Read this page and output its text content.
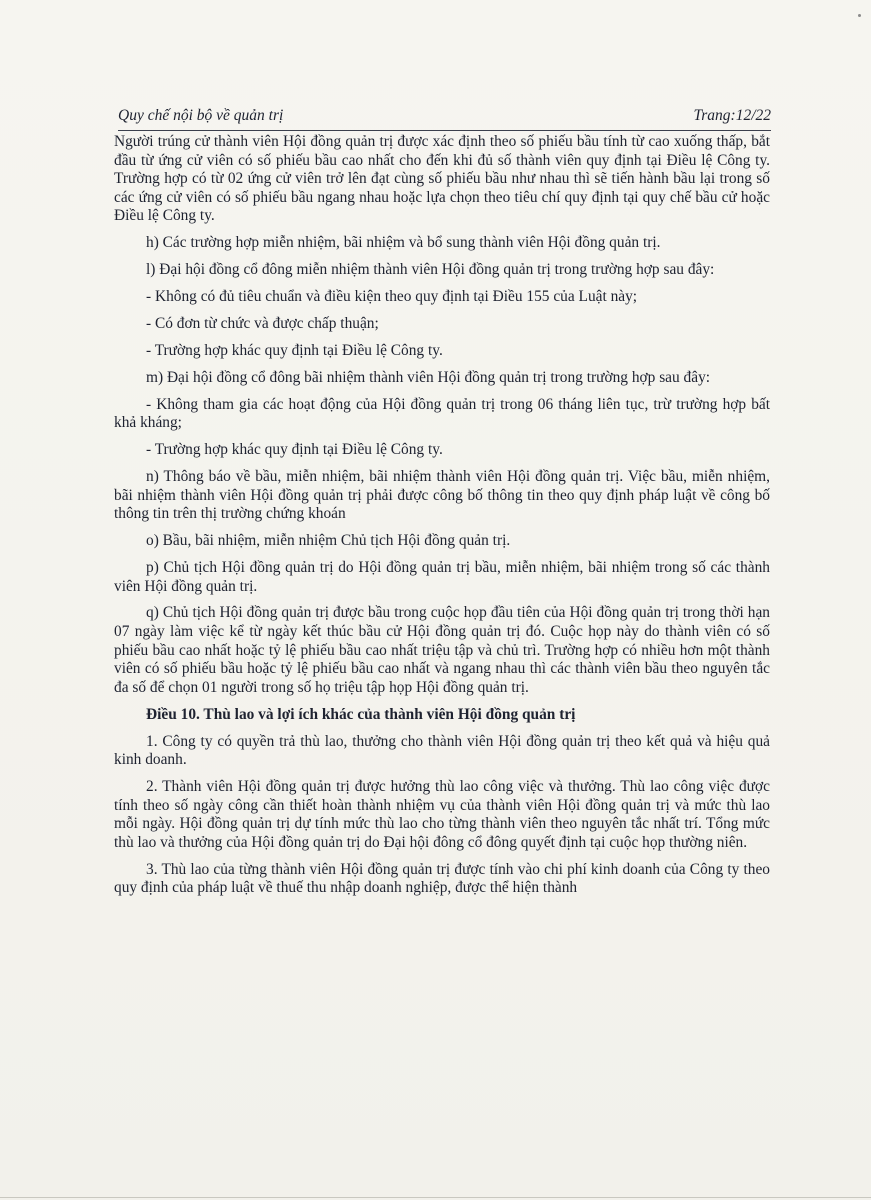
Quy chế nội bộ về quản trị	Trang:12/22

Người trúng cử thành viên Hội đồng quản trị được xác định theo số phiếu bầu tính từ cao xuống thấp, bắt đầu từ ứng cử viên có số phiếu bầu cao nhất cho đến khi đủ số thành viên quy định tại Điều lệ Công ty. Trường hợp có từ 02 ứng cử viên trở lên đạt cùng số phiếu bầu như nhau thì sẽ tiến hành bầu lại trong số các ứng cử viên có số phiếu bầu ngang nhau hoặc lựa chọn theo tiêu chí quy định tại quy chế bầu cử hoặc Điều lệ Công ty.

h) Các trường hợp miễn nhiệm, bãi nhiệm và bổ sung thành viên Hội đồng quản trị.

l) Đại hội đồng cổ đông miễn nhiệm thành viên Hội đồng quản trị trong trường hợp sau đây:

- Không có đủ tiêu chuẩn và điều kiện theo quy định tại Điều 155 của Luật này;

- Có đơn từ chức và được chấp thuận;

- Trường hợp khác quy định tại Điều lệ Công ty.

m) Đại hội đồng cổ đông bãi nhiệm thành viên Hội đồng quản trị trong trường hợp sau đây:

- Không tham gia các hoạt động của Hội đồng quản trị trong 06 tháng liên tục, trừ trường hợp bất khả kháng;

- Trường hợp khác quy định tại Điều lệ Công ty.

n) Thông báo về bầu, miễn nhiệm, bãi nhiệm thành viên Hội đồng quản trị. Việc bầu, miễn nhiệm, bãi nhiệm thành viên Hội đồng quản trị phải được công bố thông tin theo quy định pháp luật về công bố thông tin trên thị trường chứng khoán

o) Bầu, bãi nhiệm, miễn nhiệm Chủ tịch Hội đồng quản trị.

p) Chủ tịch Hội đồng quản trị do Hội đồng quản trị bầu, miễn nhiệm, bãi nhiệm trong số các thành viên Hội đồng quản trị.

q) Chủ tịch Hội đồng quản trị được bầu trong cuộc họp đầu tiên của Hội đồng quản trị trong thời hạn 07 ngày làm việc kể từ ngày kết thúc bầu cử Hội đồng quản trị đó. Cuộc họp này do thành viên có số phiếu bầu cao nhất hoặc tỷ lệ phiếu bầu cao nhất triệu tập và chủ trì. Trường hợp có nhiều hơn một thành viên có số phiếu bầu hoặc tỷ lệ phiếu bầu cao nhất và ngang nhau thì các thành viên bầu theo nguyên tắc đa số để chọn 01 người trong số họ triệu tập họp Hội đồng quản trị.

Điều 10. Thù lao và lợi ích khác của thành viên Hội đồng quản trị

1. Công ty có quyền trả thù lao, thưởng cho thành viên Hội đồng quản trị theo kết quả và hiệu quả kinh doanh.

2. Thành viên Hội đồng quản trị được hưởng thù lao công việc và thưởng. Thù lao công việc được tính theo số ngày công cần thiết hoàn thành nhiệm vụ của thành viên Hội đồng quản trị và mức thù lao mỗi ngày. Hội đồng quản trị dự tính mức thù lao cho từng thành viên theo nguyên tắc nhất trí. Tổng mức thù lao và thưởng của Hội đồng quản trị do Đại hội đông cổ đông quyết định tại cuộc họp thường niên.

3. Thù lao của từng thành viên Hội đồng quản trị được tính vào chi phí kinh doanh của Công ty theo quy định của pháp luật về thuế thu nhập doanh nghiệp, được thể hiện thành
